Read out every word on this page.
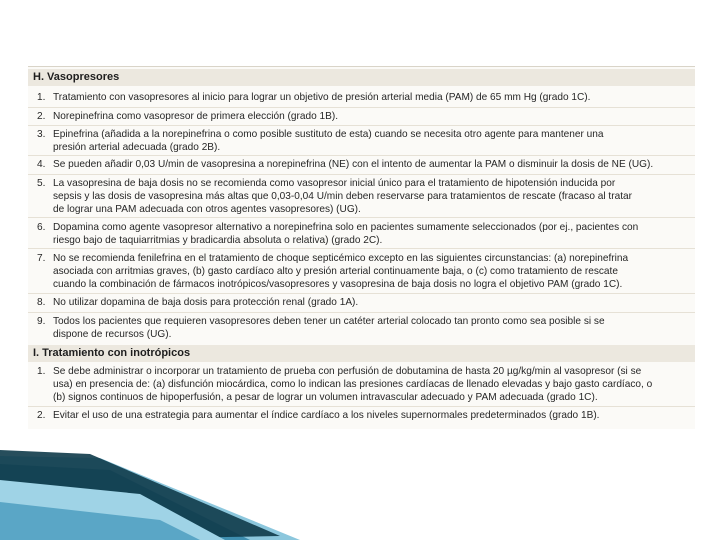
H. Vasopresores
1. Tratamiento con vasopresores al inicio para lograr un objetivo de presión arterial media (PAM) de 65 mm Hg (grado 1C).
2. Norepinefrina como vasopresor de primera elección (grado 1B).
3. Epinefrina (añadida a la norepinefrina o como posible sustituto de esta) cuando se necesita otro agente para mantener una
presión arterial adecuada (grado 2B).
4. Se pueden añadir 0,03 U/min de vasopresina a norepinefrina (NE) con el intento de aumentar la PAM o disminuir la dosis de NE (UG).
5. La vasopresina de baja dosis no se recomienda como vasopresor inicial único para el tratamiento de hipotensión inducida por
sepsis y las dosis de vasopresina más altas que 0,03-0,04 U/min deben reservarse para tratamientos de rescate (fracaso al tratar
de lograr una PAM adecuada con otros agentes vasopresores) (UG).
6. Dopamina como agente vasopresor alternativo a norepinefrina solo en pacientes sumamente seleccionados (por ej., pacientes con
riesgo bajo de taquiarritmias y bradicardia absoluta o relativa) (grado 2C).
7. No se recomienda fenilefrina en el tratamiento de choque septicémico excepto en las siguientes circunstancias: (a) norepinefrina
asociada con arritmias graves, (b) gasto cardíaco alto y presión arterial continuamente baja, o (c) como tratamiento de rescate
cuando la combinación de fármacos inotrópicos/vasopresores y vasopresina de baja dosis no logra el objetivo PAM (grado 1C).
8. No utilizar dopamina de baja dosis para protección renal (grado 1A).
9. Todos los pacientes que requieren vasopresores deben tener un catéter arterial colocado tan pronto como sea posible si se
dispone de recursos (UG).
I. Tratamiento con inotrópicos
1. Se debe administrar o incorporar un tratamiento de prueba con perfusión de dobutamina de hasta 20 µg/kg/min al vasopresor (si se
usa) en presencia de: (a) disfunción miocárdica, como lo indican las presiones cardíacas de llenado elevadas y bajo gasto cardíaco, o
(b) signos continuos de hipoperfusión, a pesar de lograr un volumen intravascular adecuado y PAM adecuada (grado 1C).
2. Evitar el uso de una estrategia para aumentar el índice cardíaco a los niveles supernormales predeterminados (grado 1B).
